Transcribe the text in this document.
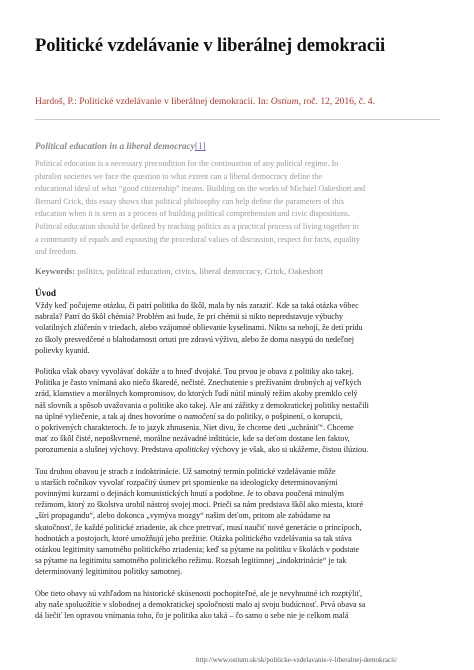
Politické vzdelávanie v liberálnej demokracii
Hardoš, P.: Politické vzdelávanie v liberálnej demokracii. In: Ostium, roč. 12, 2016, č. 4.
Political education in a liberal democracy[1]
Political education is a necessary precondition for the continuation of any political regime. In
pluralist societies we face the question to what extent can a liberal democracy define the
educational ideal of what “good citizenship” means. Building on the works of Michael Oakeshott and
Bernard Crick, this essay shows that political philosophy can help define the parameters of this
education when it is seen as a process of building political comprehension and civic dispositions.
Political education should be defined by teaching politics as a practical process of living together in
a community of equals and espousing the procedural values of discussion, respect for facts, equality
and freedom.
Keywords: politics, political education, civics, liberal democracy, Crick, Oakeshott
Úvod
Vždy keď počujeme otázku, či patrí politika do škôl, mala by nás zaraziť. Kde sa taká otázka vôbec
nabrala? Patrí do škôl chémia? Problém asi bude, že pri chémii si nikto nepredstavuje výbuchy
volatilných zlúčenín v triedach, alebo vzájomné oblievanie kyselinami. Nikto sa nebojí, že deti prídu
zo školy presvedčené o blahodarnosti ortuti pre zdravú výživu, alebo že doma nasypú do nedeľnej
polievky kyanid.
Politika však obavy vyvolávať dokáže a to hneď dvojaké. Tou prvou je obava z politiky ako takej.
Politika je často vnímaná ako niečo škaredé, nečisté. Znechutenie s prežívaním drobných aj veľkých
zrád, klamstiev a morálnych kompromisov, do ktorých ľudí nútil minulý režim akoby premklo celý
náš slovník a spôsob uvažovania o politike ako takej. Ale ani zážitky z demokratickej politiky nestačili
na úplné vyliečenie, a tak aj dnes hovoríme o namočení sa do politiky, o pošpinení, o korupcii,
o pokrivených charakteroch. Je to jazyk zhnusenia. Niet divu, že chceme deti „uchrániť“. Chceme
mať zo škôl čisté, nepoškvrnené, morálne nezávadné inštitúcie, kde sa deťom dostane len faktov,
porozumenia a slušnej výchovy. Predstava apolitickej výchovy je však, ako si ukážeme, čistou ilúziou.
Tou druhou obavou je strach z indoktrinácie. Už samotný termín politické vzdelávanie môže
u starších ročníkov vyvolať rozpačitý úsmev pri spomienke na ideologicky determinovanými
povinnými kurzami o dejinách komunistických hnutí a podobne. Je to obava poučená minulým
režimom, ktorý zo školstva urobil nástroj svojej moci. Prieči sa nám predstava škôl ako miesta, ktoré
„šíri propagandu“, alebo dokonca „vymýva mozgy“ našim deťom, pritom ale zabúdame na
skutočnosť, že každé politické zriadenie, ak chce pretrvať, musí naučiť nové generácie o princípoch,
hodnotách a postojoch, ktoré umožňujú jeho prežitie. Otázka politického vzdelávania sa tak stáva
otázkou legitimity samotného politického zriadenia; keď sa pýtame na politiku v školách v podstate
sa pýtame na legitimitu samotného politického režimu. Rozsah legitímnej „indoktrinácie“ je tak
determinovaný legitimitou politiky samotnej.
Obe tieto obavy sú vzhľadom na historické skúsenosti pochopiteľné, ale je nevyhnutné ich rozptýliť,
aby naše spoluožitie v slobodnej a demokratickej spoločnosti malo aj svoju budúcnosť. Prvá obava sa
dá liečiť len opravou vnímania toho, čo je politika ako taká – čo samo o sebe nie je celkom malá
http://www.ostium.sk/sk/politicke-vzdelavanie-v-liberalnej-demokracii/
